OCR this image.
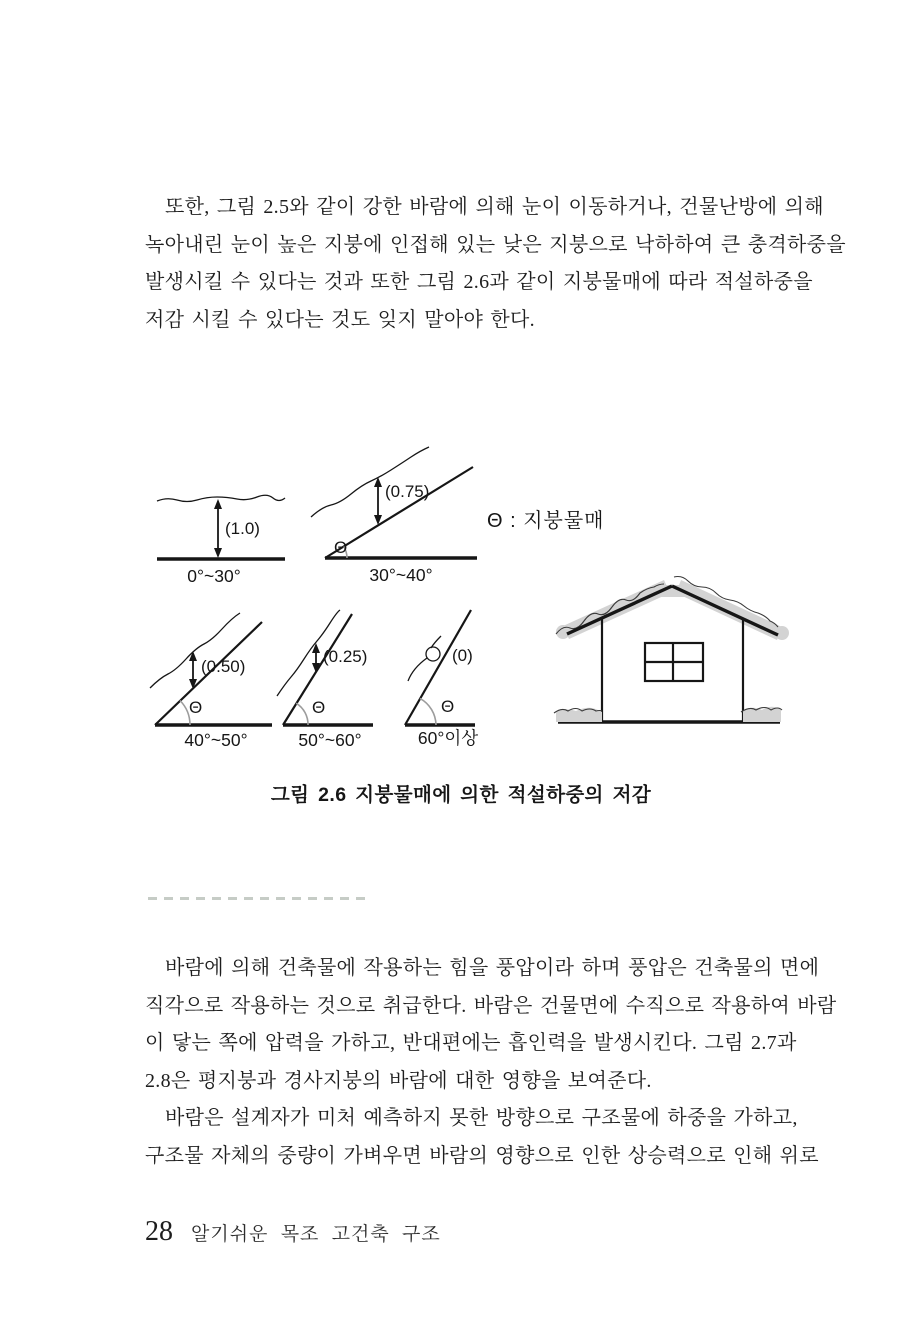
또한, 그림 2.5와 같이 강한 바람에 의해 눈이 이동하거나, 건물난방에 의해
녹아내린 눈이 높은 지붕에 인접해 있는 낮은 지붕으로 낙하하여 큰 충격하중을
발생시킬 수 있다는 것과 또한 그림 2.6과 같이 지붕물매에 따라 적설하중을
저감 시킬 수 있다는 것도 잊지 말아야 한다.
(1.0)
0°~30°
Θ
(0.75)
30°~40°
Θ : 지붕물매
(0.50)
Θ
40°~50°
(0.25)
Θ
50°~60°
(0)
Θ
60°이상
그림 2.6 지붕물매에 의한 적설하중의 저감
바람에 의해 건축물에 작용하는 힘을 풍압이라 하며 풍압은 건축물의 면에
직각으로 작용하는 것으로 취급한다. 바람은 건물면에 수직으로 작용하여 바람
이 닿는 쪽에 압력을 가하고, 반대편에는 흡인력을 발생시킨다. 그림 2.7과
2.8은 평지붕과 경사지붕의 바람에 대한 영향을 보여준다.
바람은 설계자가 미처 예측하지 못한 방향으로 구조물에 하중을 가하고,
구조물 자체의 중량이 가벼우면 바람의 영향으로 인한 상승력으로 인해 위로
28 알기쉬운 목조 고건축 구조
